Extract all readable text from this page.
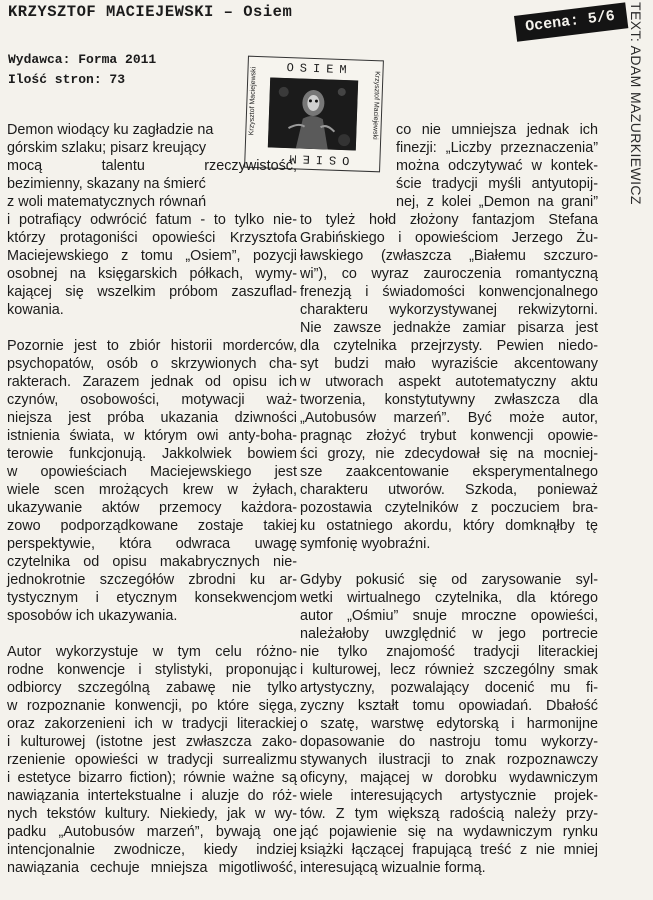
KRZYSZTOF MACIEJEWSKI – Osiem	Ocena: 5/6 TEXT: ADAM MAZURKIEWICZ
Wydawca: Forma 2011
Ilość stron: 73
OSIEM
Krzysztof Maciejewski	Krzysztof Maciejewski
OSIEM
Demon wiodący ku zagładzie na
górskim szlaku; pisarz kreujący
mocą talentu rzeczywistość;
bezimienny, skazany na śmierć
z woli matematycznych równań
i potrafiący odwrócić fatum - to tylko nie-
którzy protagoniści opowieści Krzysztofa
Maciejewskiego z tomu „Osiem”, pozycji
osobnej na księgarskich półkach, wymy-
kającej się wszelkim próbom zaszuflad-
kowania.
Pozornie jest to zbiór historii morderców,
psychopatów, osób o skrzywionych cha-
rakterach. Zarazem jednak od opisu ich
czynów, osobowości, motywacji waż-
niejsza jest próba ukazania dziwności
istnienia świata, w którym owi anty-boha-
terowie funkcjonują. Jakkolwiek bowiem
w opowieściach Maciejewskiego jest
wiele scen mrożących krew w żyłach,
ukazywanie aktów przemocy każdora-
zowo podporządkowane zostaje takiej
perspektywie, która odwraca uwagę
czytelnika od opisu makabrycznych nie-
jednokrotnie szczegółów zbrodni ku ar-
tystycznym i etycznym konsekwencjom
sposobów ich ukazywania.
Autor wykorzystuje w tym celu różno-
rodne konwencje i stylistyki, proponując
odbiorcy szczególną zabawę nie tylko
w rozpoznanie konwencji, po które sięga,
oraz zakorzenieni ich w tradycji literackiej
i kulturowej (istotne jest zwłaszcza zako-
rzenienie opowieści w tradycji surrealizmu
i estetyce bizarro fiction); równie ważne są
nawiązania intertekstualne i aluzje do róż-
nych tekstów kultury. Niekiedy, jak w wy-
padku „Autobusów marzeń”, bywają one
intencjonalnie zwodnicze, kiedy indziej
nawiązania cechuje mniejsza migotliwość,
co nie umniejsza jednak ich
finezji: „Liczby przeznaczenia”
można odczytywać w kontek-
ście tradycji myśli antyutopij-
nej, z kolei „Demon na grani”
to tyleż hołd złożony fantazjom Stefana
Grabińskiego i opowieściom Jerzego Żu-
ławskiego (zwłaszcza „Białemu szczuro-
wi”), co wyraz zauroczenia romantyczną
frenezją i świadomości konwencjonalnego
charakteru wykorzystywanej rekwizytorni.
Nie zawsze jednakże zamiar pisarza jest
dla czytelnika przejrzysty. Pewien niedo-
syt budzi mało wyraziście akcentowany
w utworach aspekt autotematyczny aktu
tworzenia, konstytutywny zwłaszcza dla
„Autobusów marzeń”. Być może autor,
pragnąc złożyć trybut konwencji opowie-
ści grozy, nie zdecydował się na mocniej-
sze zaakcentowanie eksperymentalnego
charakteru utworów. Szkoda, ponieważ
pozostawia czytelników z poczuciem bra-
ku ostatniego akordu, który domknąłby tę
symfonię wyobraźni.
Gdyby pokusić się od zarysowanie syl-
wetki wirtualnego czytelnika, dla którego
autor „Ośmiu” snuje mroczne opowieści,
należałoby uwzględnić w jego portrecie
nie tylko znajomość tradycji literackiej
i kulturowej, lecz również szczególny smak
artystyczny, pozwalający docenić mu fi-
zyczny kształt tomu opowiadań. Dbałość
o szatę, warstwę edytorską i harmonijne
dopasowanie do nastroju tomu wykorzy-
stywanych ilustracji to znak rozpoznawczy
oficyny, mającej w dorobku wydawniczym
wiele interesujących artystycznie projek-
tów. Z tym większą radością należy przy-
jąć pojawienie się na wydawniczym rynku
książki łączącej frapującą treść z nie mniej
interesującą wizualnie formą.
